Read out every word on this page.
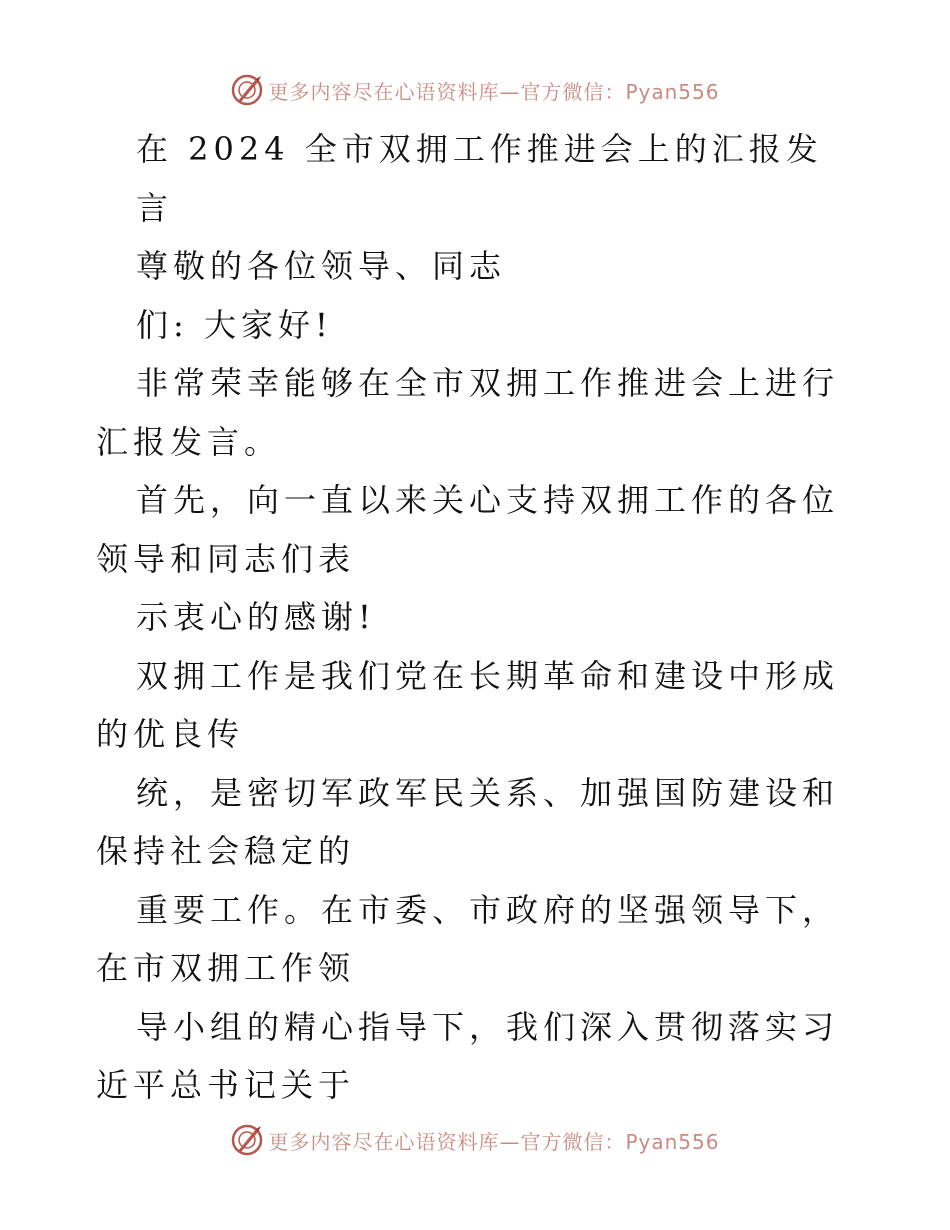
更多内容尽在心语资料库—官方微信：Pyan556

在 2024 全市双拥工作推进会上的汇报发

言

尊敬的各位领导、同志

们: 大家好!

非常荣幸能够在全市双拥工作推进会上进行汇报发言。

首先，向一直以来关心支持双拥工作的各位领导和同志们表

示衷心的感谢!

双拥工作是我们党在长期革命和建设中形成的优良传

统，是密切军政军民关系、加强国防建设和保持社会稳定的

重要工作。在市委、市政府的坚强领导下，在市双拥工作领

导小组的精心指导下，我们深入贯彻落实习近平总书记关于

更多内容尽在心语资料库—官方微信：Pyan556
